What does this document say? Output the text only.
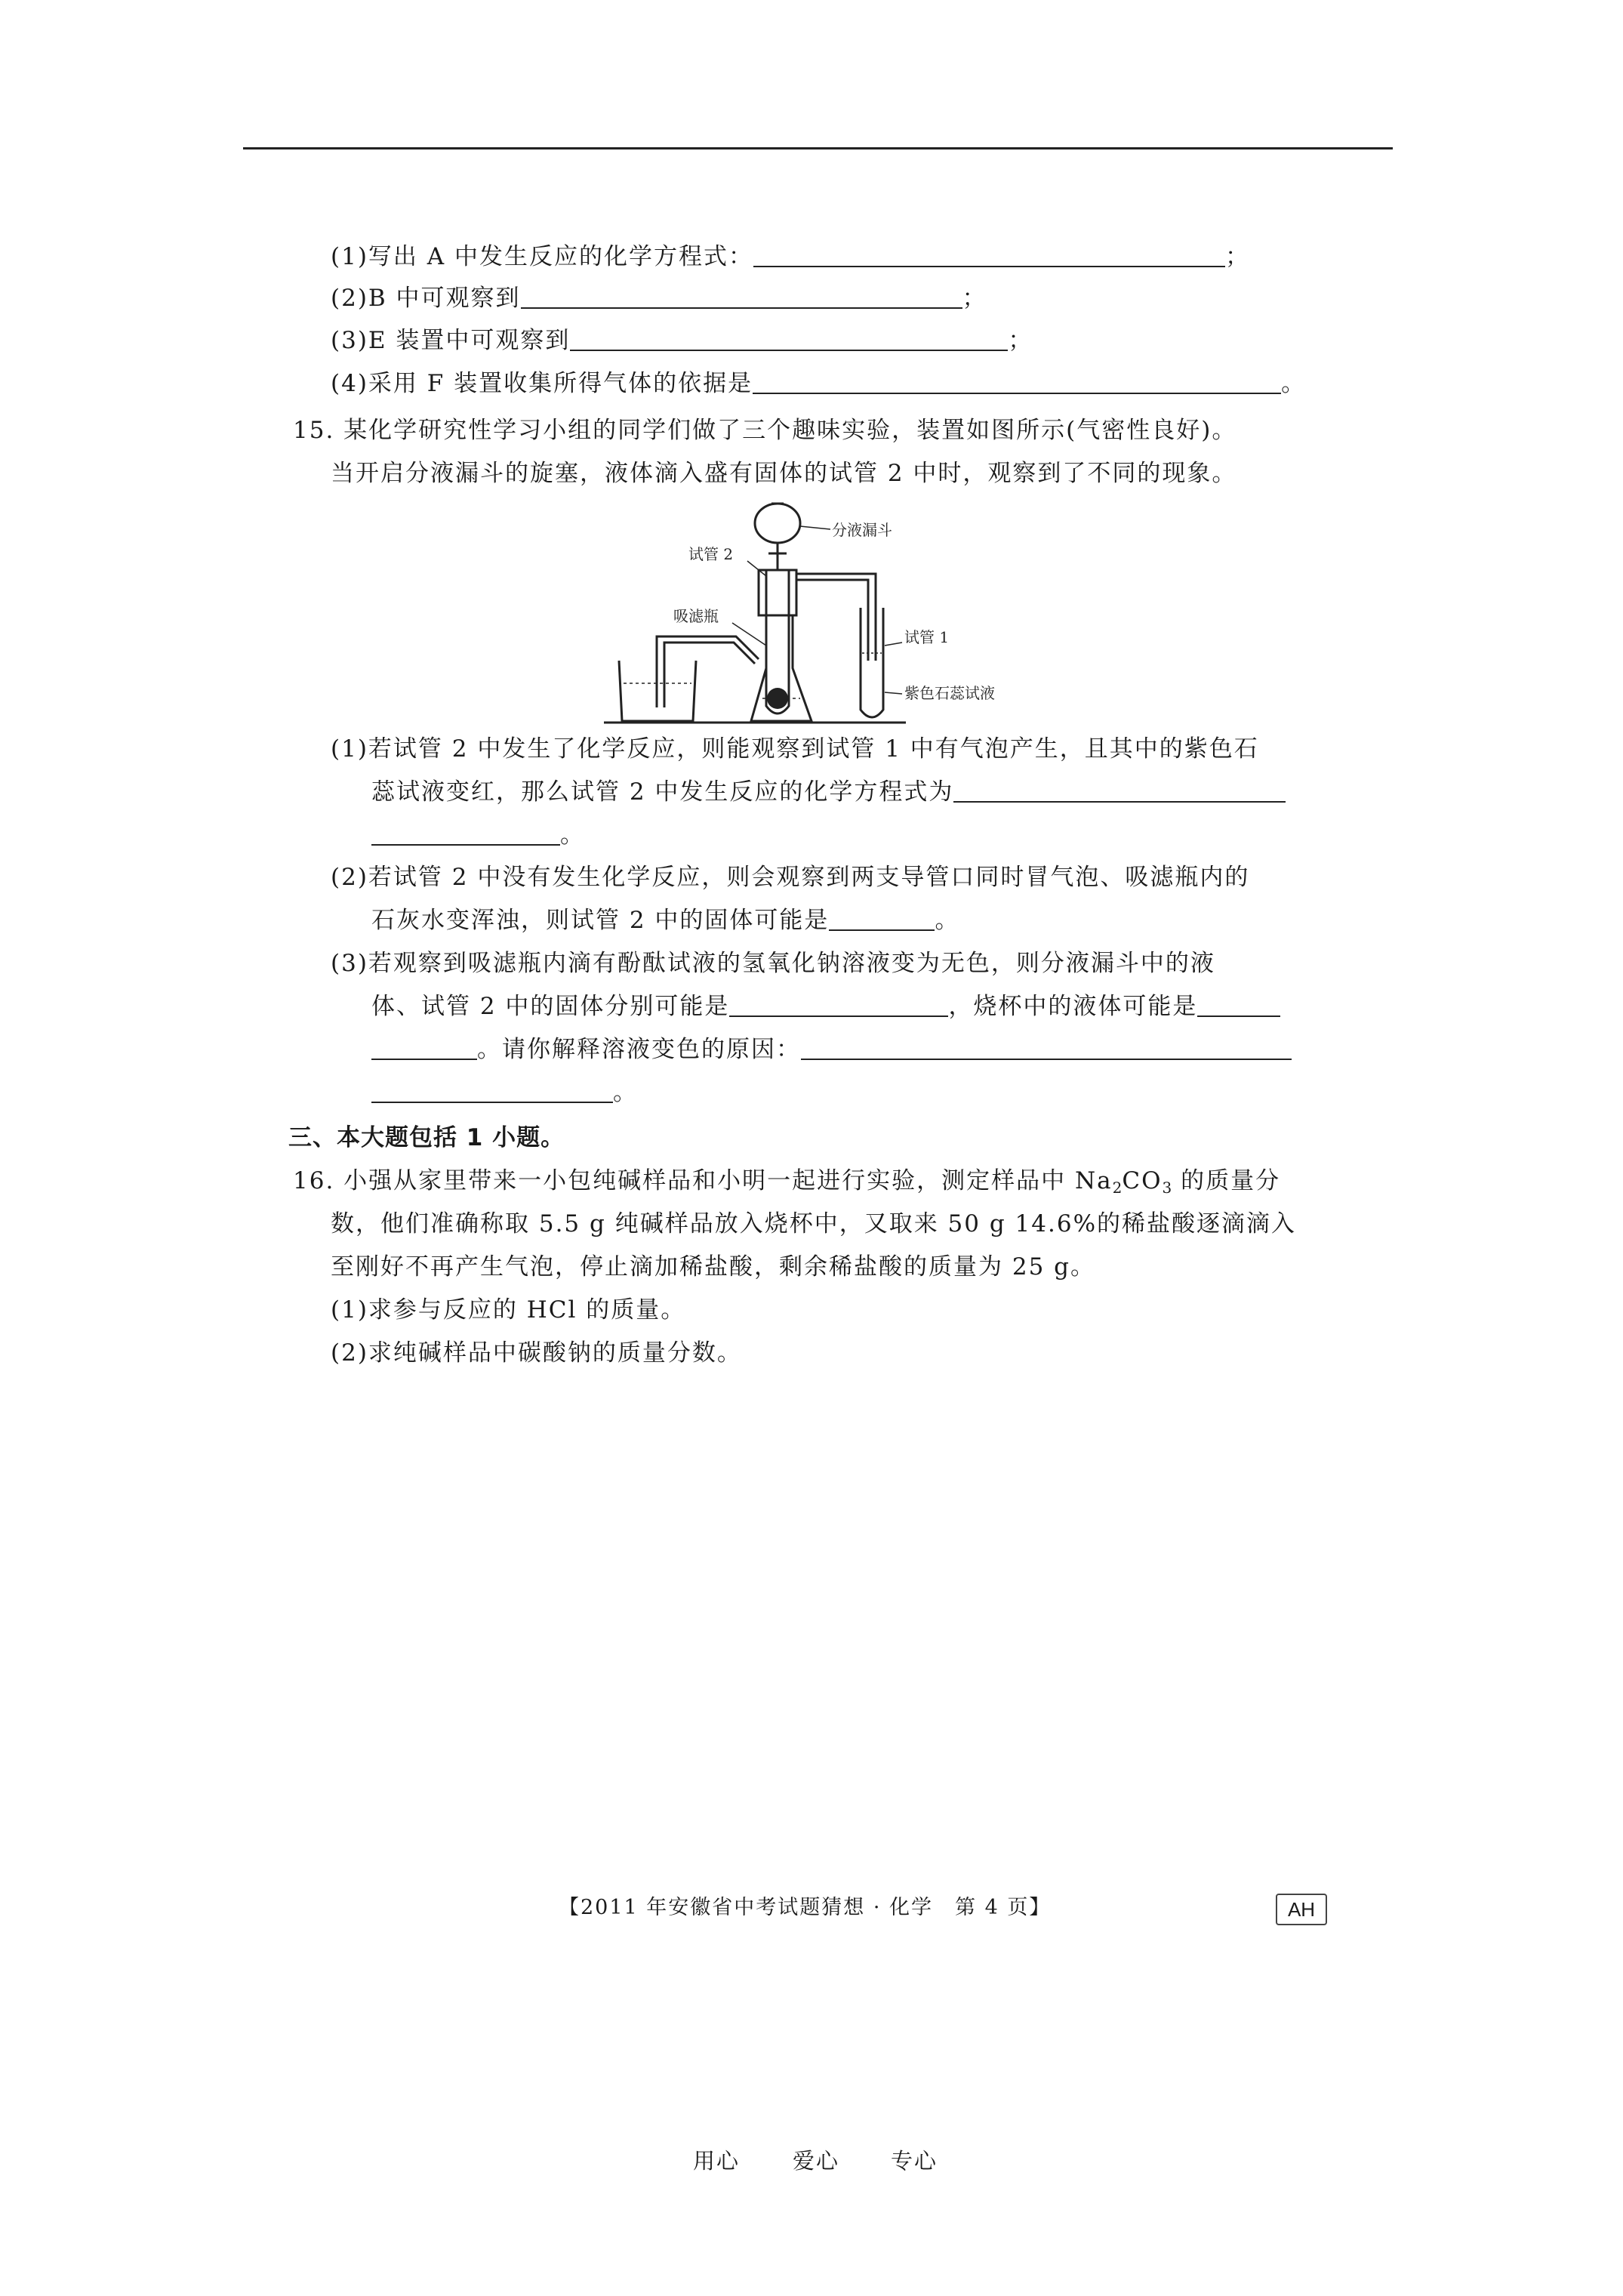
(1)写出 A 中发生反应的化学方程式：	；
(2)B 中可观察到	；
(3)E 装置中可观察到	；
(4)采用 F 装置收集所得气体的依据是	。
15. 某化学研究性学习小组的同学们做了三个趣味实验，装置如图所示(气密性良好)。
当开启分液漏斗的旋塞，液体滴入盛有固体的试管 2 中时，观察到了不同的现象。
分液漏斗
试管 2
吸滤瓶
试管 1
紫色石蕊试液
(1)若试管 2 中发生了化学反应，则能观察到试管 1 中有气泡产生，且其中的紫色石
蕊试液变红，那么试管 2 中发生反应的化学方程式为
。
(2)若试管 2 中没有发生化学反应，则会观察到两支导管口同时冒气泡、吸滤瓶内的
石灰水变浑浊，则试管 2 中的固体可能是	。
(3)若观察到吸滤瓶内滴有酚酞试液的氢氧化钠溶液变为无色，则分液漏斗中的液
体、试管 2 中的固体分别可能是	，烧杯中的液体可能是
。请你解释溶液变色的原因：
。
三、本大题包括 1 小题。
16. 小强从家里带来一小包纯碱样品和小明一起进行实验，测定样品中 $Na_2CO_3$ 的质量分
数，他们准确称取 5.5 g 纯碱样品放入烧杯中，又取来 50 g 14.6%的稀盐酸逐滴滴入
至刚好不再产生气泡，停止滴加稀盐酸，剩余稀盐酸的质量为 25 g。
(1)求参与反应的 HCl 的质量。
(2)求纯碱样品中碳酸钠的质量分数。
【2011 年安徽省中考试题猜想 · 化学　第 4 页】	AH
用心 爱心 专心
